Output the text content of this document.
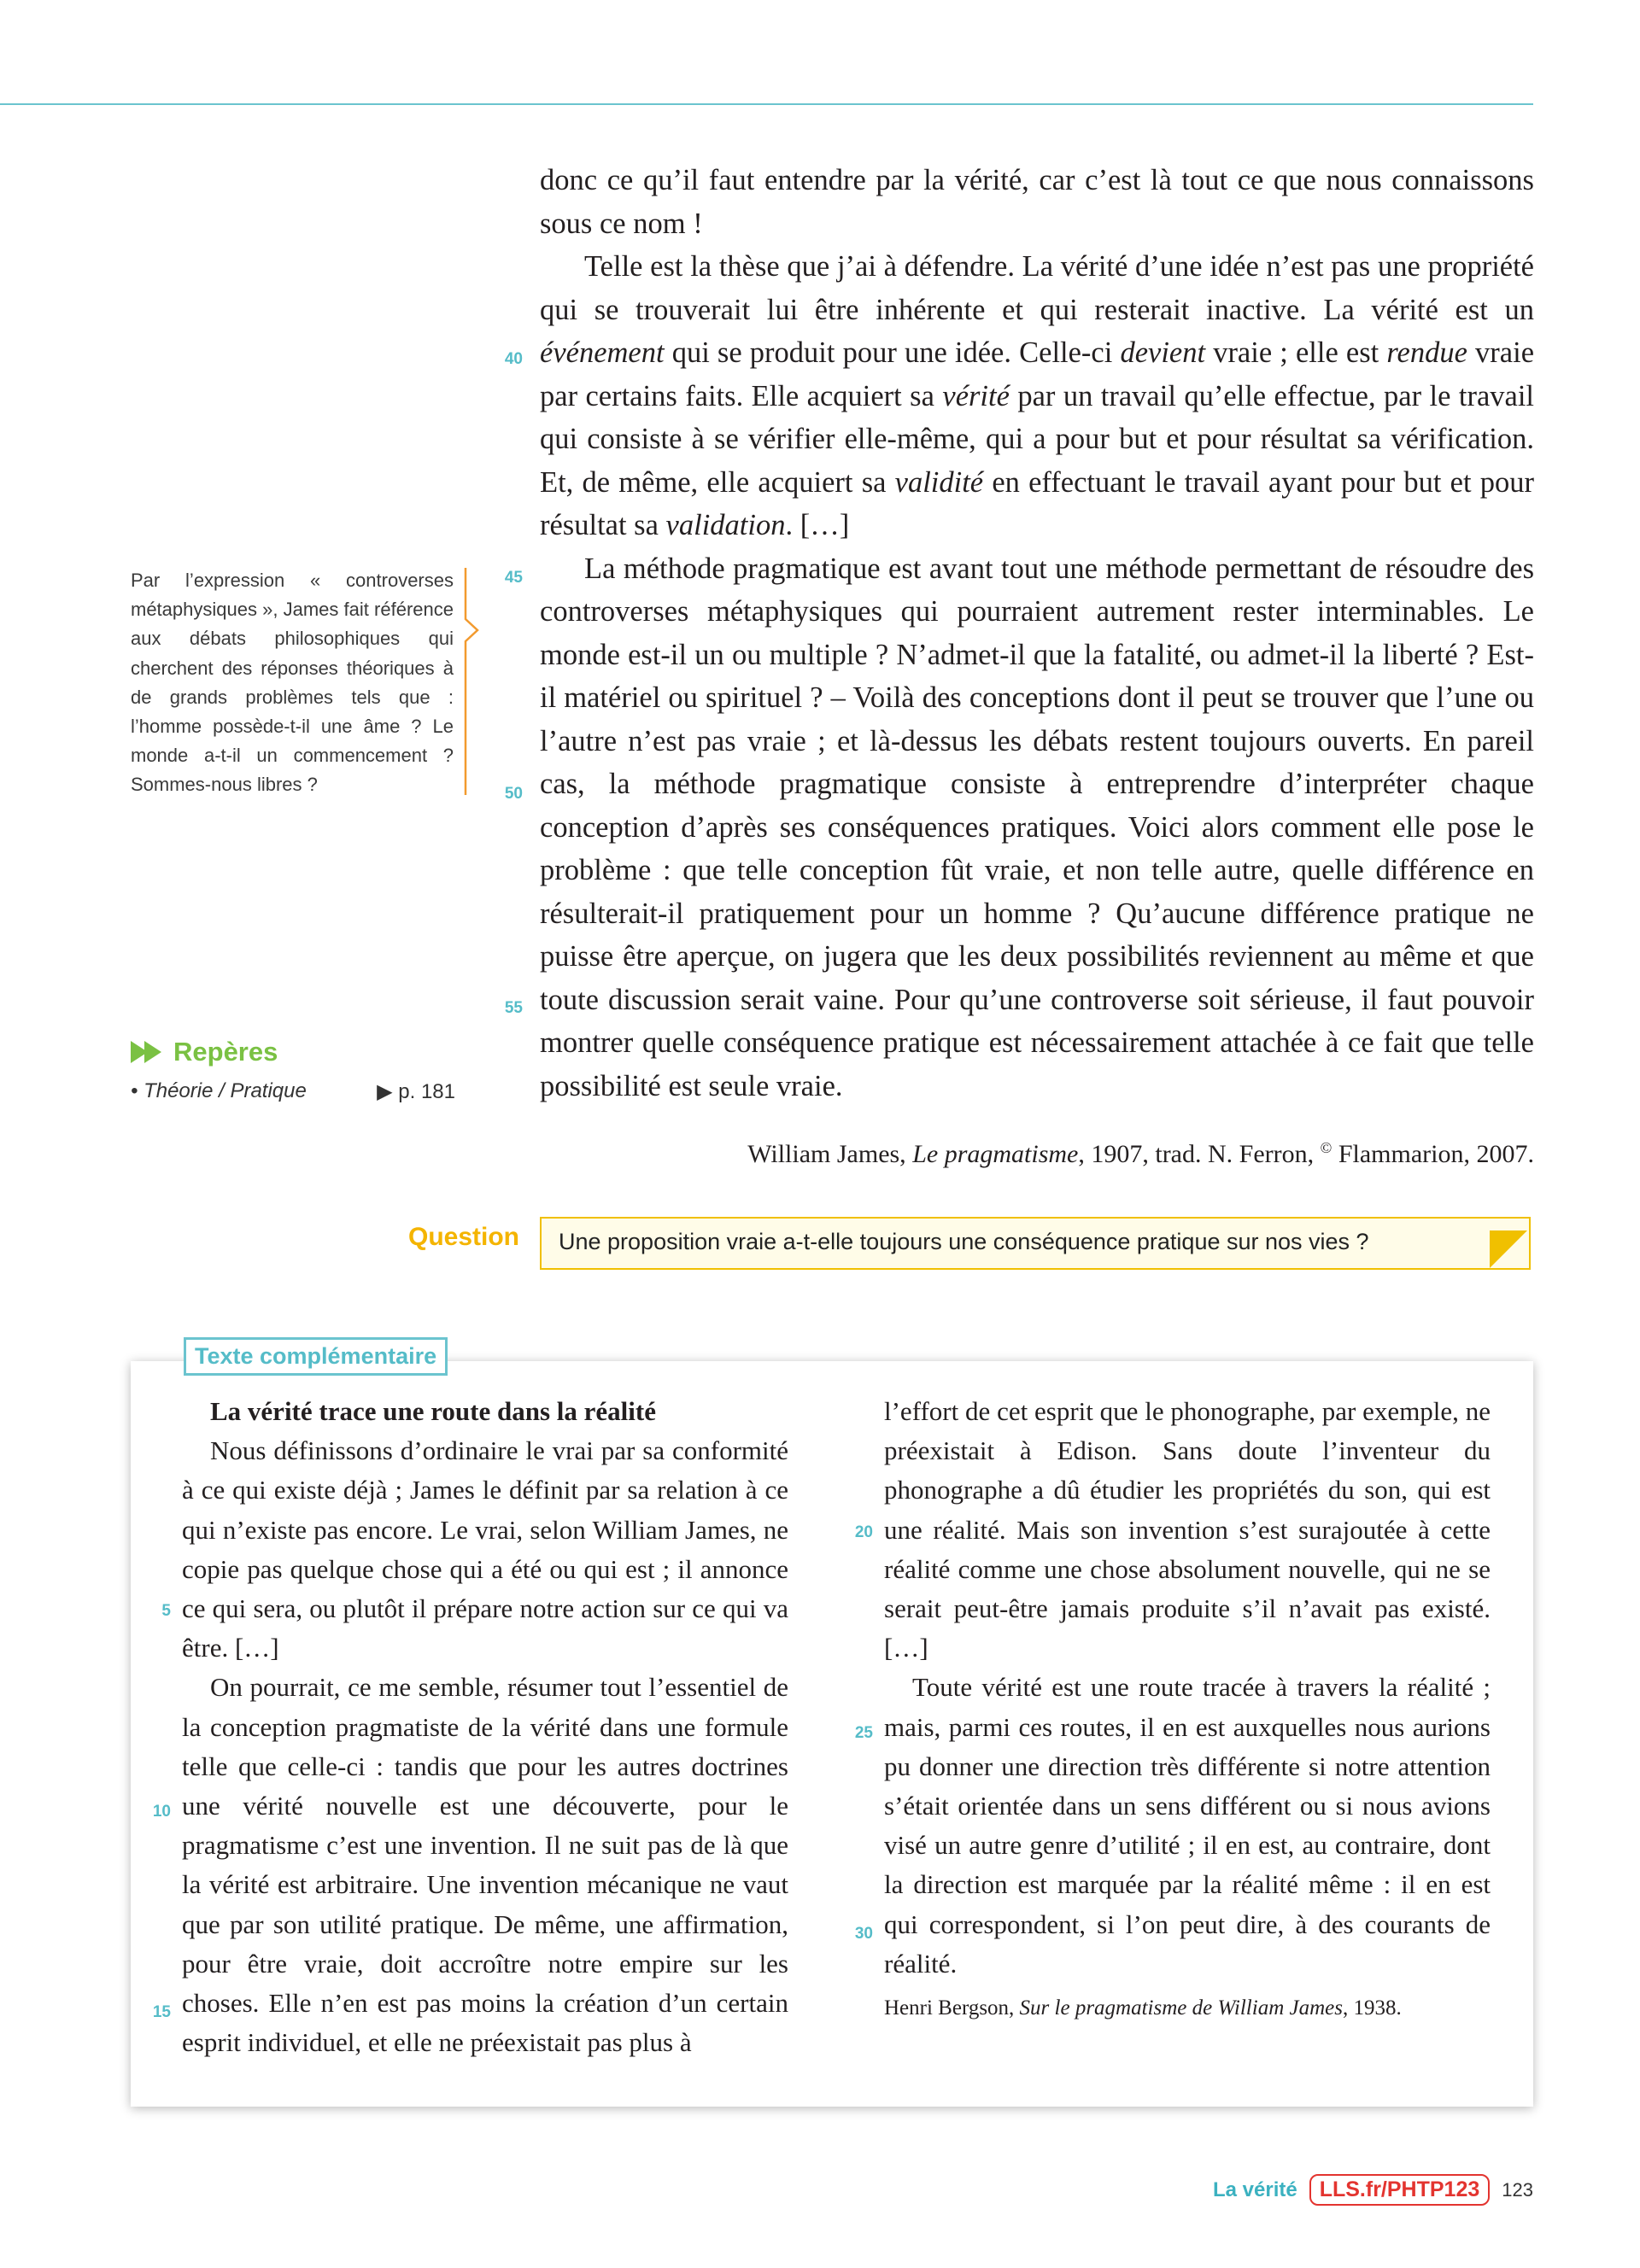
40
45
50
55

donc ce qu’il faut entendre par la vérité, car c’est là tout ce que nous connaissons sous ce nom !

Telle est la thèse que j’ai à défendre. La vérité d’une idée n’est pas une propriété qui se trouverait lui être inhérente et qui resterait inactive. La vérité est un événement qui se produit pour une idée. Celle-ci devient vraie ; elle est rendue vraie par certains faits. Elle acquiert sa vérité par un travail qu’elle effectue, par le travail qui consiste à se vérifier elle-même, qui a pour but et pour résultat sa vérification. Et, de même, elle acquiert sa validité en effectuant le travail ayant pour but et pour résultat sa validation. […]

La méthode pragmatique est avant tout une méthode permettant de résoudre des controverses métaphysiques qui pourraient autrement rester interminables. Le monde est-il un ou multiple ? N’admet-il que la fatalité, ou admet-il la liberté ? Est-il matériel ou spirituel ? – Voilà des conceptions dont il peut se trouver que l’une ou l’autre n’est pas vraie ; et là-dessus les débats restent toujours ouverts. En pareil cas, la méthode pragmatique consiste à entreprendre d’interpréter chaque conception d’après ses conséquences pratiques. Voici alors comment elle pose le problème : que telle conception fût vraie, et non telle autre, quelle différence en résulterait-il pratiquement pour un homme ? Qu’aucune différence pratique ne puisse être aperçue, on jugera que les deux possibilités reviennent au même et que toute discussion serait vaine. Pour qu’une controverse soit sérieuse, il faut pouvoir montrer quelle conséquence pratique est nécessairement attachée à ce fait que telle possibilité est seule vraie.

William James, Le pragmatisme, 1907, trad. N. Ferron, © Flammarion, 2007.
Par l’expression « controverses métaphysiques », James fait référence aux débats philosophiques qui cherchent des réponses théoriques à de grands problèmes tels que : l’homme possède-t-il une âme ? Le monde a-t-il un commencement ? Sommes-nous libres ?
Repères
• Théorie / Pratique	▶ p. 181
Question Une proposition vraie a-t-elle toujours une conséquence pratique sur nos vies ?
Texte complémentaire
5
10
15
20
25
30

La vérité trace une route dans la réalité

Nous définissons d’ordinaire le vrai par sa conformité à ce qui existe déjà ; James le définit par sa relation à ce qui n’existe pas encore. Le vrai, selon William James, ne copie pas quelque chose qui a été ou qui est ; il annonce ce qui sera, ou plutôt il prépare notre action sur ce qui va être. […]

On pourrait, ce me semble, résumer tout l’essentiel de la conception pragmatiste de la vérité dans une formule telle que celle-ci : tandis que pour les autres doctrines une vérité nouvelle est une découverte, pour le pragmatisme c’est une invention. Il ne suit pas de là que la vérité est arbitraire. Une invention mécanique ne vaut que par son utilité pratique. De même, une affirmation, pour être vraie, doit accroître notre empire sur les choses. Elle n’en est pas moins la création d’un certain esprit individuel, et elle ne préexistait pas plus à

l’effort de cet esprit que le phonographe, par exemple, ne préexistait à Edison. Sans doute l’inventeur du phonographe a dû étudier les propriétés du son, qui est une réalité. Mais son invention s’est surajoutée à cette réalité comme une chose absolument nouvelle, qui ne se serait peut-être jamais produite s’il n’avait pas existé. […]

Toute vérité est une route tracée à travers la réalité ; mais, parmi ces routes, il en est auxquelles nous aurions pu donner une direction très différente si notre attention s’était orientée dans un sens différent ou si nous avions visé un autre genre d’utilité ; il en est, au contraire, dont la direction est marquée par la réalité même : il en est qui correspondent, si l’on peut dire, à des courants de réalité.

Henri Bergson, Sur le pragmatisme de William James, 1938.

La vérité	LLS.fr/PHTP123	123
